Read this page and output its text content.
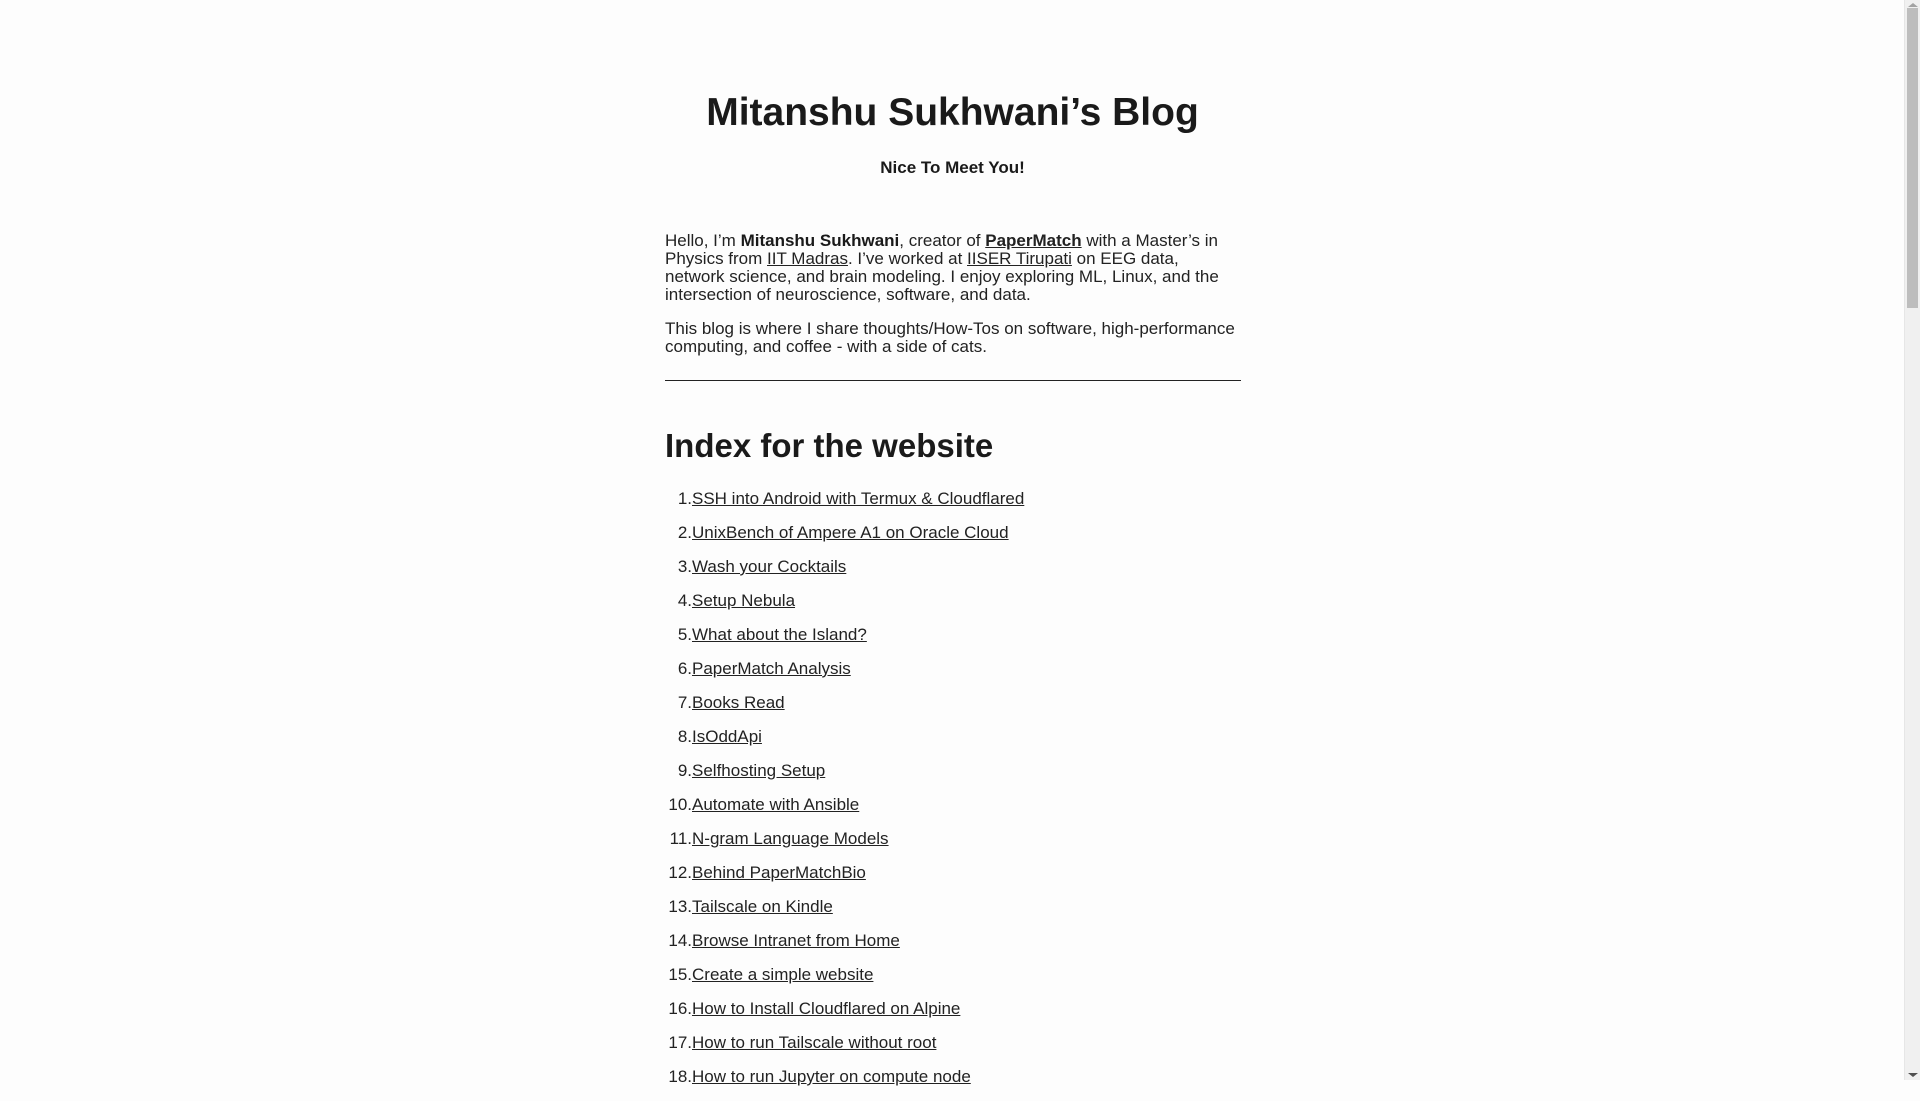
Mitanshu Sukhwani’s Blog

Nice To Meet You!

Hello, I’m Mitanshu Sukhwani, creator of PaperMatch with a Master’s in Physics from IIT Madras. I’ve worked at IISER Tirupati on EEG data, network science, and brain modeling. I enjoy exploring ML, Linux, and the intersection of neuroscience, software, and data.

This blog is where I share thoughts/How-Tos on software, high-performance computing, and coffee - with a side of cats.

Index for the website
1. SSH into Android with Termux & Cloudflared
2. UnixBench of Ampere A1 on Oracle Cloud
3. Wash your Cocktails
4. Setup Nebula
5. What about the Island?
6. PaperMatch Analysis
7. Books Read
8. IsOddApi
9. Selfhosting Setup
10. Automate with Ansible
11. N-gram Language Models
12. Behind PaperMatchBio
13. Tailscale on Kindle
14. Browse Intranet from Home
15. Create a simple website
16. How to Install Cloudflared on Alpine
17. How to run Tailscale without root
18. How to run Jupyter on compute node
